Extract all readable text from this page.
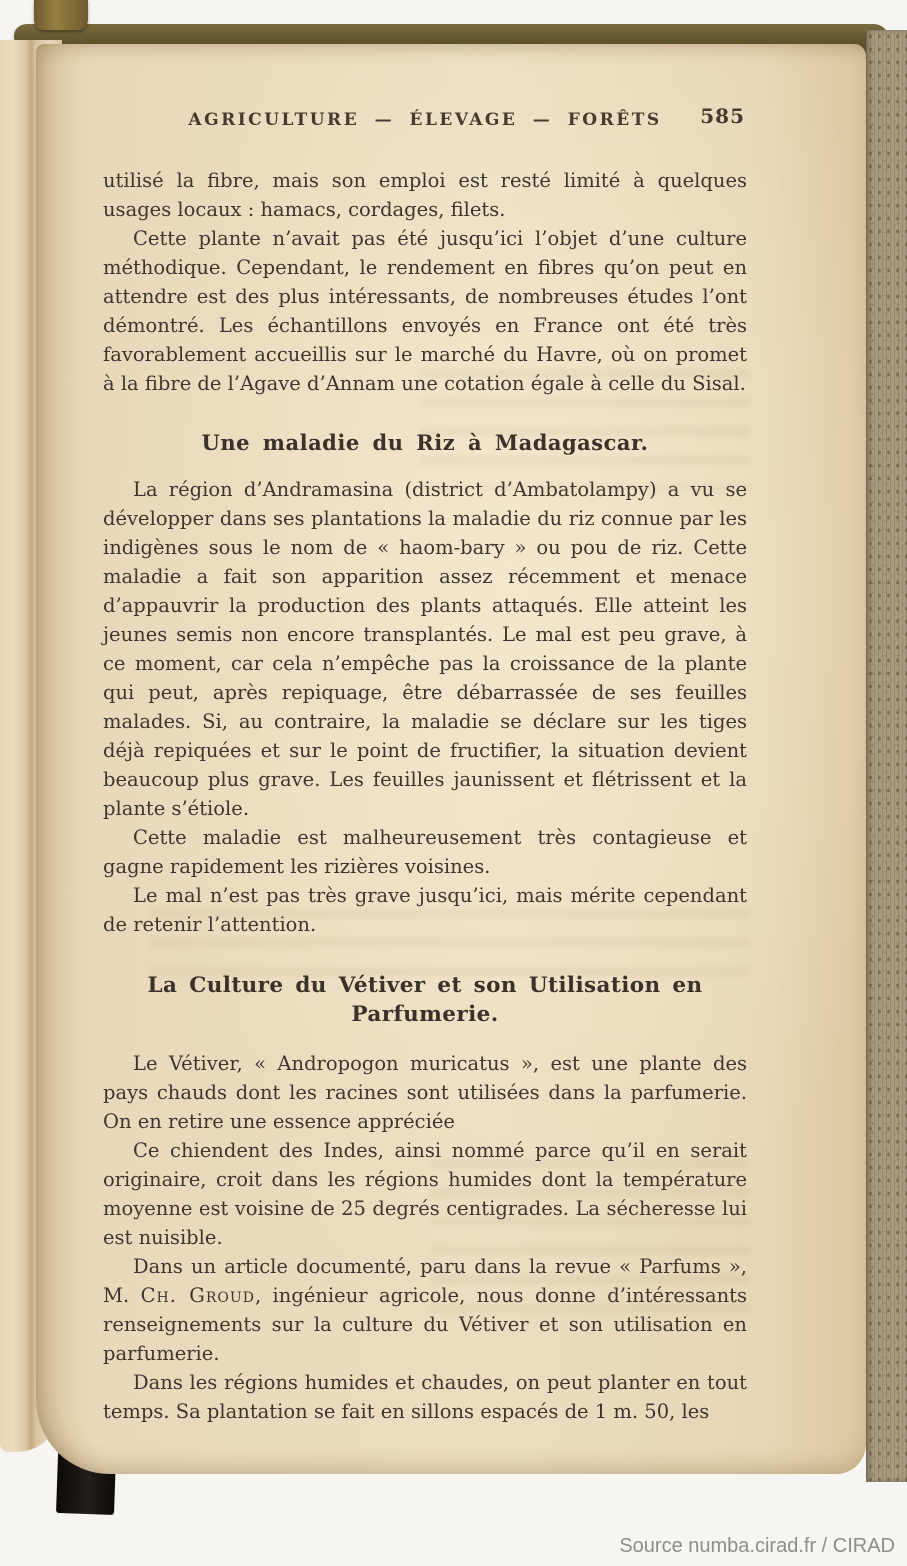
AGRICULTURE — ÉLEVAGE — FORÊTS 585

utilisé la fibre, mais son emploi est resté limité à quelques usages locaux : hamacs, cordages, filets.

Cette plante n’avait pas été jusqu’ici l’objet d’une culture méthodique. Cependant, le rendement en fibres qu’on peut en attendre est des plus intéressants, de nombreuses études l’ont démontré. Les échantillons envoyés en France ont été très favorablement accueillis sur le marché du Havre, où on promet à la fibre de l’Agave d’Annam une cotation égale à celle du Sisal.

Une maladie du Riz à Madagascar.

La région d’Andramasina (district d’Ambatolampy) a vu se développer dans ses plantations la maladie du riz connue par les indigènes sous le nom de « haom-bary » ou pou de riz. Cette maladie a fait son apparition assez récemment et menace d’appauvrir la production des plants attaqués. Elle atteint les jeunes semis non encore transplantés. Le mal est peu grave, à ce moment, car cela n’empêche pas la croissance de la plante qui peut, après repiquage, être débarrassée de ses feuilles malades. Si, au contraire, la maladie se déclare sur les tiges déjà repiquées et sur le point de fructifier, la situation devient beaucoup plus grave. Les feuilles jaunissent et flétrissent et la plante s’étiole.

Cette maladie est malheureusement très contagieuse et gagne rapidement les rizières voisines.

Le mal n’est pas très grave jusqu’ici, mais mérite cependant de retenir l’attention.

La Culture du Vétiver et son Utilisation en Parfumerie.

Le Vétiver, « Andropogon muricatus », est une plante des pays chauds dont les racines sont utilisées dans la parfumerie. On en retire une essence appréciée

Ce chiendent des Indes, ainsi nommé parce qu’il en serait originaire, croit dans les régions humides dont la température moyenne est voisine de 25 degrés centigrades. La sécheresse lui est nuisible.

Dans un article documenté, paru dans la revue « Parfums », M. Ch. Groud, ingénieur agricole, nous donne d’intéressants renseignements sur la culture du Vétiver et son utilisation en parfumerie.

Dans les régions humides et chaudes, on peut planter en tout temps. Sa plantation se fait en sillons espacés de 1 m. 50, les

Source numba.cirad.fr / CIRAD
